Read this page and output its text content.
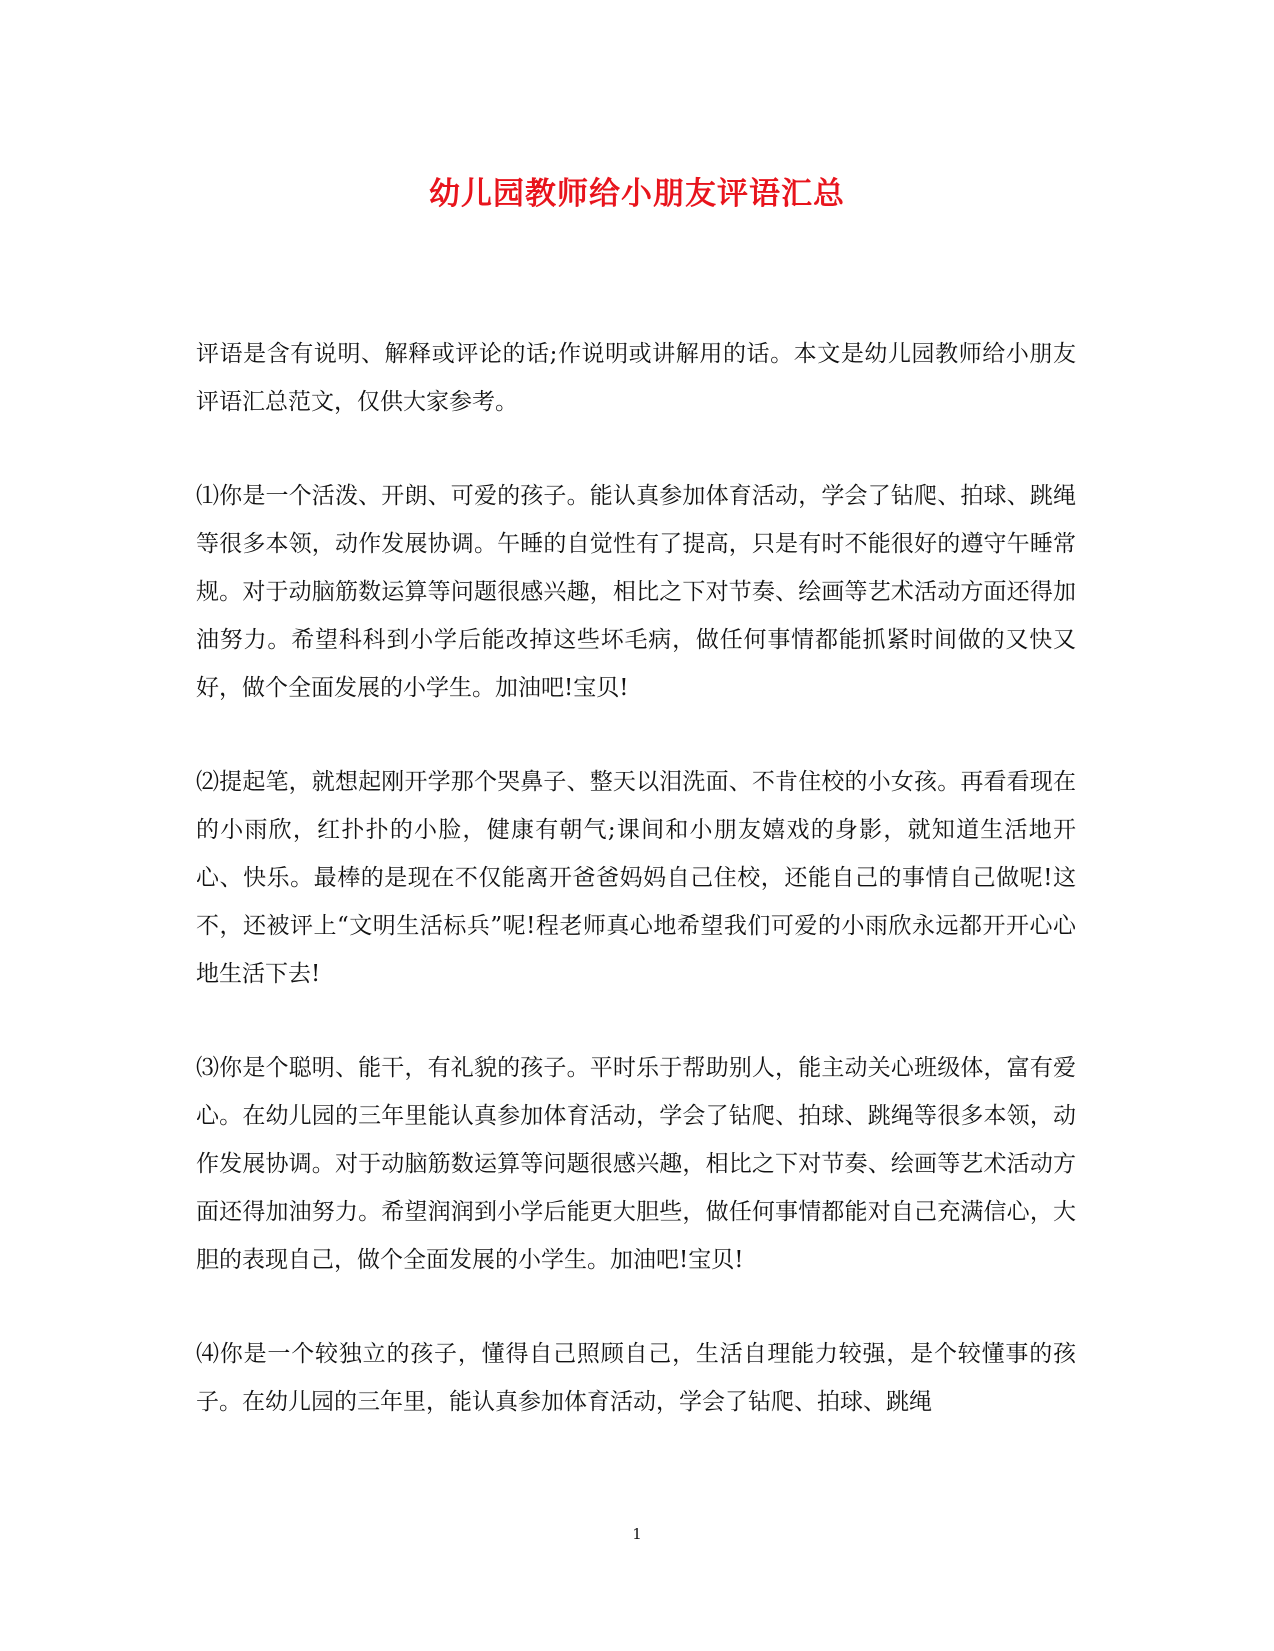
幼儿园教师给小朋友评语汇总

评语是含有说明、解释或评论的话;作说明或讲解用的话。本文是幼儿园教师给小朋友评语汇总范文，仅供大家参考。

⑴你是一个活泼、开朗、可爱的孩子。能认真参加体育活动，学会了钻爬、拍球、跳绳等很多本领，动作发展协调。午睡的自觉性有了提高，只是有时不能很好的遵守午睡常规。对于动脑筋数运算等问题很感兴趣，相比之下对节奏、绘画等艺术活动方面还得加油努力。希望科科到小学后能改掉这些坏毛病，做任何事情都能抓紧时间做的又快又好，做个全面发展的小学生。加油吧!宝贝!

⑵提起笔，就想起刚开学那个哭鼻子、整天以泪洗面、不肯住校的小女孩。再看看现在的小雨欣，红扑扑的小脸，健康有朝气;课间和小朋友嬉戏的身影，就知道生活地开心、快乐。最棒的是现在不仅能离开爸爸妈妈自己住校，还能自己的事情自己做呢!这不，还被评上“文明生活标兵”呢!程老师真心地希望我们可爱的小雨欣永远都开开心心地生活下去!

⑶你是个聪明、能干，有礼貌的孩子。平时乐于帮助别人，能主动关心班级体，富有爱心。在幼儿园的三年里能认真参加体育活动，学会了钻爬、拍球、跳绳等很多本领，动作发展协调。对于动脑筋数运算等问题很感兴趣，相比之下对节奏、绘画等艺术活动方面还得加油努力。希望润润到小学后能更大胆些，做任何事情都能对自己充满信心，大胆的表现自己，做个全面发展的小学生。加油吧!宝贝!

⑷你是一个较独立的孩子，懂得自己照顾自己，生活自理能力较强，是个较懂事的孩子。在幼儿园的三年里，能认真参加体育活动，学会了钻爬、拍球、跳绳

1
